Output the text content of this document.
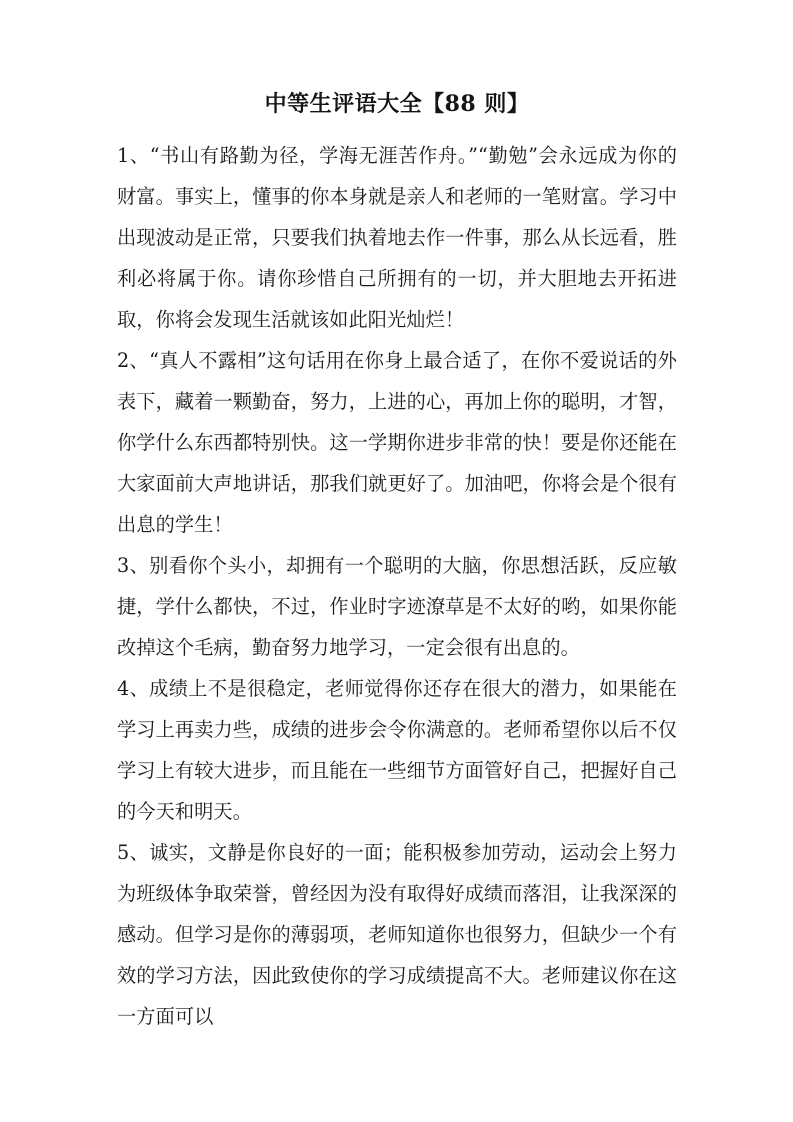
中等生评语大全【88 则】

1、“书山有路勤为径，学海无涯苦作舟。”“勤勉”会永远成为你的财富。事实上，懂事的你本身就是亲人和老师的一笔财富。学习中出现波动是正常，只要我们执着地去作一件事，那么从长远看，胜利必将属于你。请你珍惜自己所拥有的一切，并大胆地去开拓进取，你将会发现生活就该如此阳光灿烂！

2、“真人不露相”这句话用在你身上最合适了，在你不爱说话的外表下，藏着一颗勤奋，努力，上进的心，再加上你的聪明，才智，你学什么东西都特别快。这一学期你进步非常的快！要是你还能在大家面前大声地讲话，那我们就更好了。加油吧，你将会是个很有出息的学生！

3、别看你个头小，却拥有一个聪明的大脑，你思想活跃，反应敏捷，学什么都快，不过，作业时字迹潦草是不太好的哟，如果你能改掉这个毛病，勤奋努力地学习，一定会很有出息的。

4、成绩上不是很稳定，老师觉得你还存在很大的潜力，如果能在学习上再卖力些，成绩的进步会令你满意的。老师希望你以后不仅学习上有较大进步，而且能在一些细节方面管好自己，把握好自己的今天和明天。

5、诚实，文静是你良好的一面；能积极参加劳动，运动会上努力为班级体争取荣誉，曾经因为没有取得好成绩而落泪，让我深深的感动。但学习是你的薄弱项，老师知道你也很努力，但缺少一个有效的学习方法，因此致使你的学习成绩提高不大。老师建议你在这一方面可以
